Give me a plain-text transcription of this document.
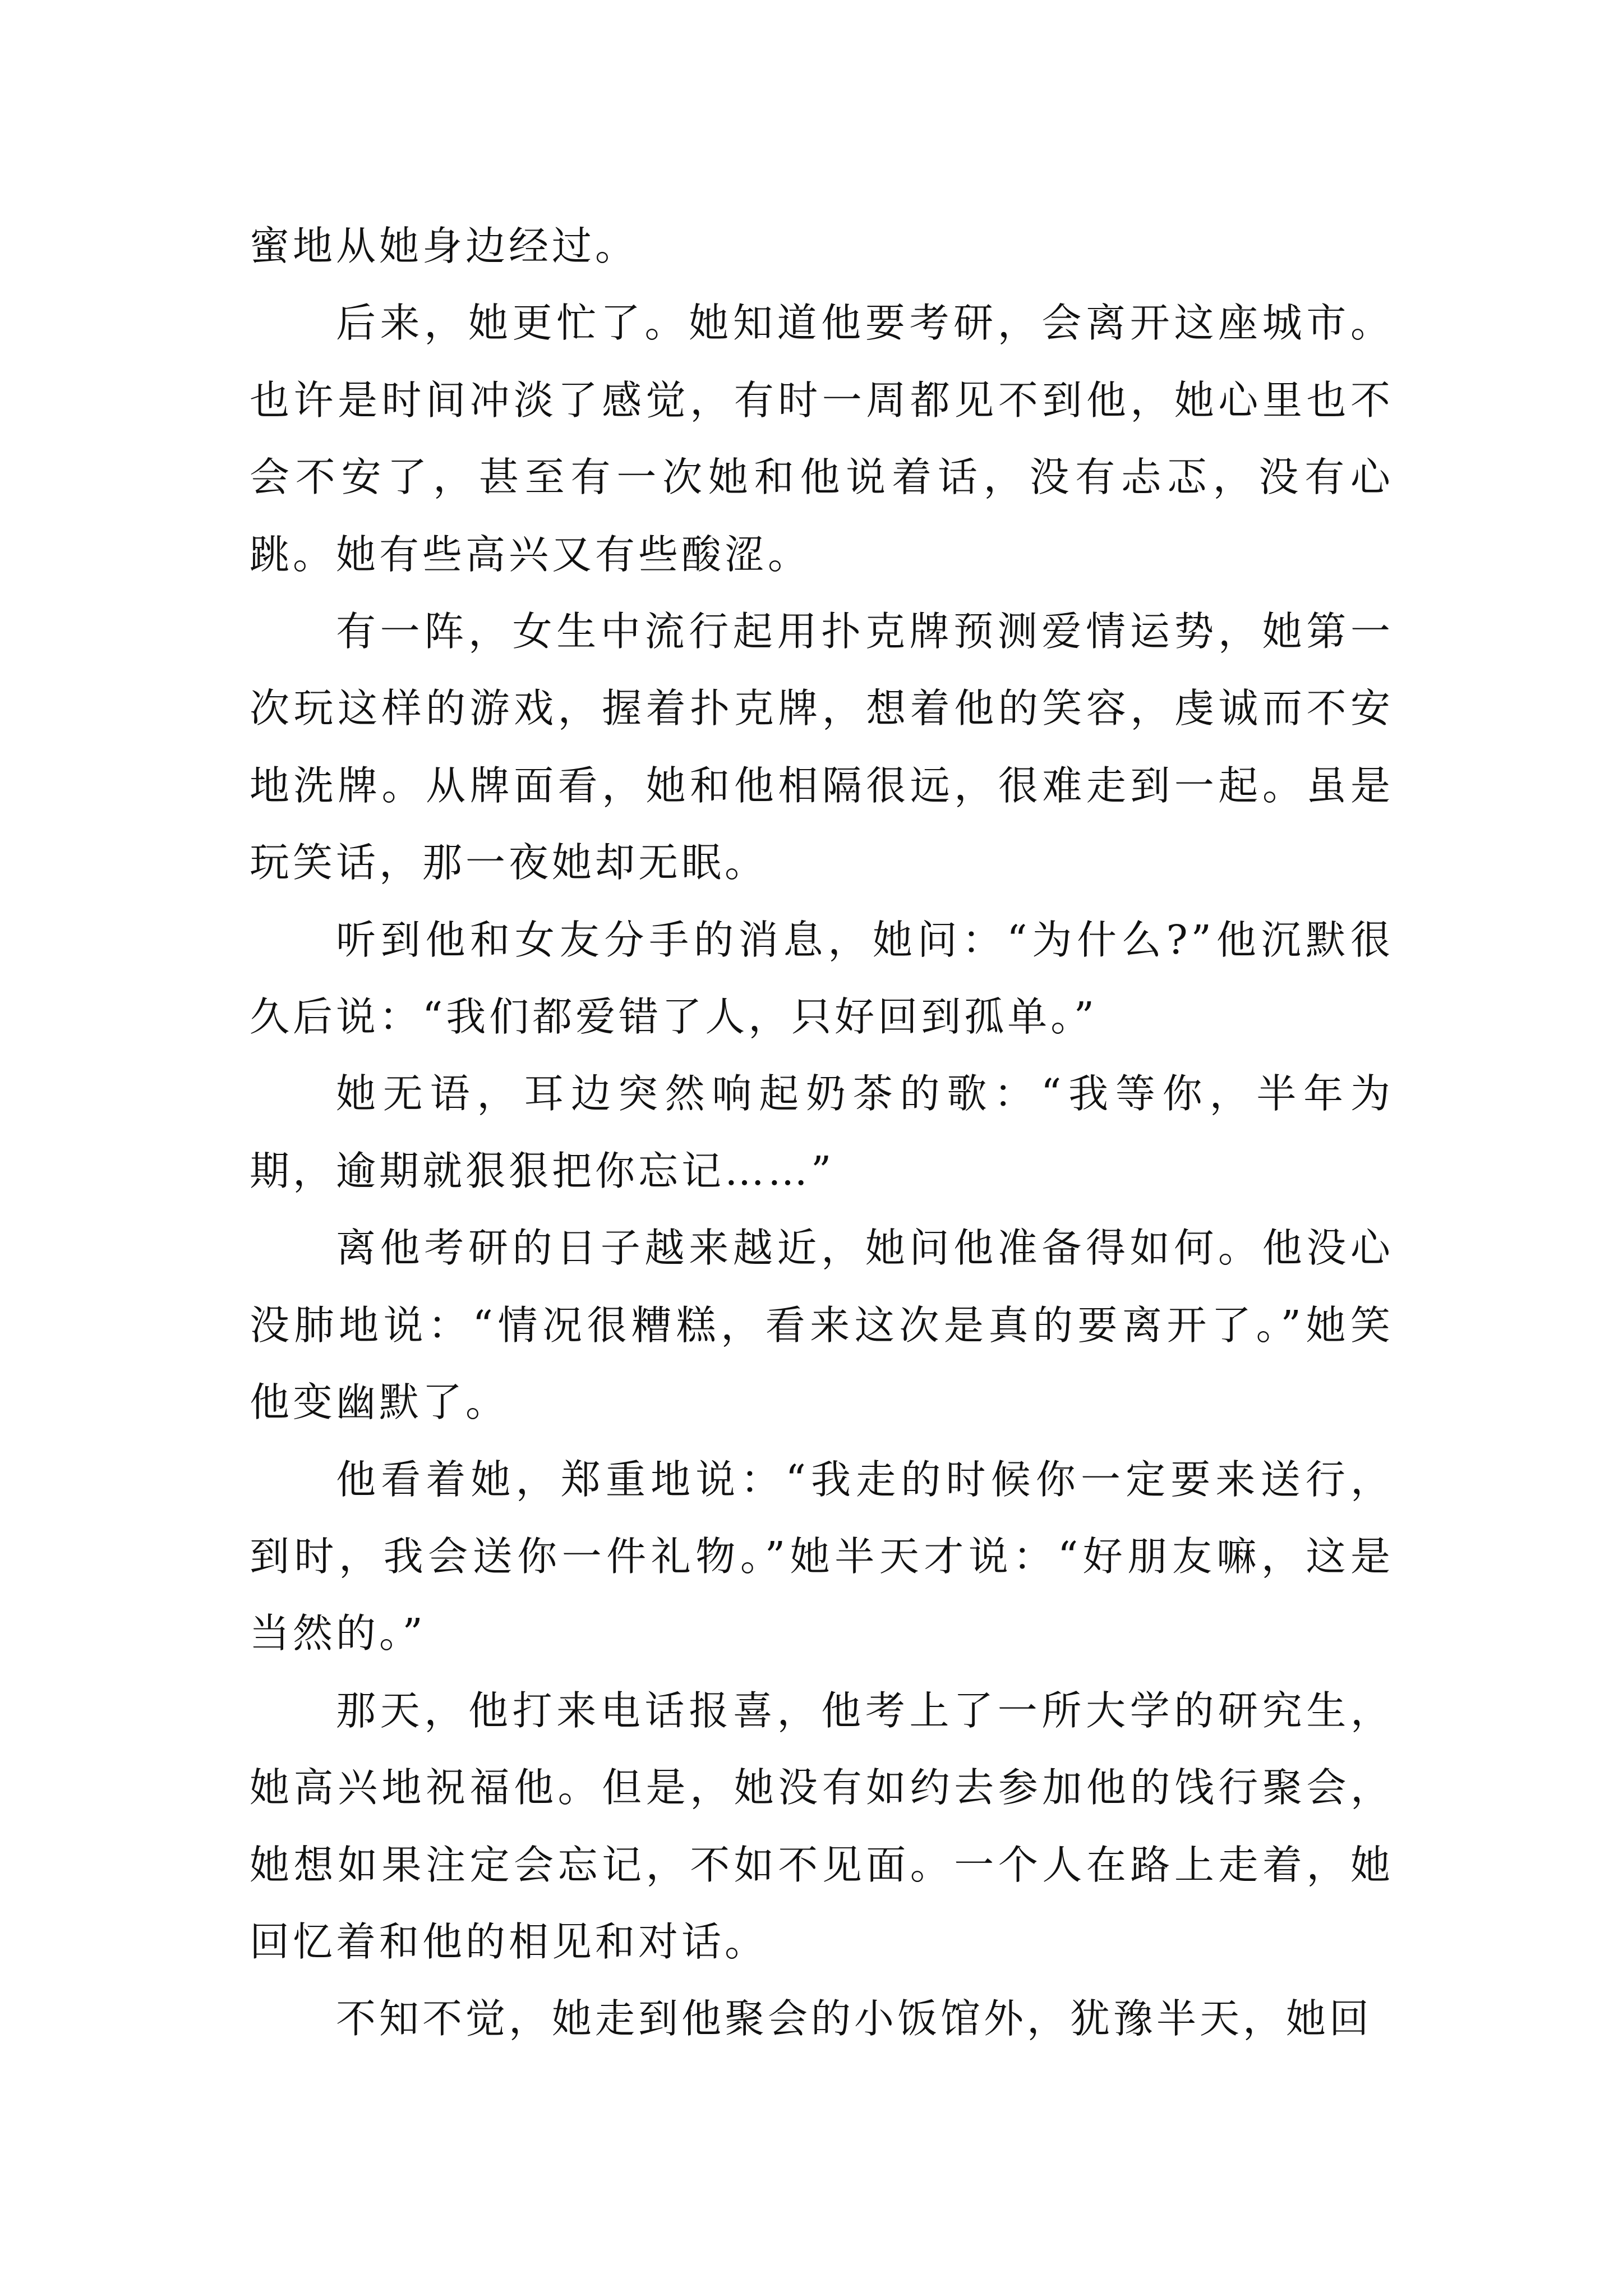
蜜地从她身边经过。

后来，她更忙了。她知道他要考研，会离开这座城市。也许是时间冲淡了感觉，有时一周都见不到他，她心里也不会不安了，甚至有一次她和他说着话，没有忐忑，没有心跳。她有些高兴又有些酸涩。

有一阵，女生中流行起用扑克牌预测爱情运势，她第一次玩这样的游戏，握着扑克牌，想着他的笑容，虔诚而不安地洗牌。从牌面看，她和他相隔很远，很难走到一起。虽是玩笑话，那一夜她却无眠。

听到他和女友分手的消息，她问：“为什么?”他沉默很久后说：“我们都爱错了人，只好回到孤单。”

她无语，耳边突然响起奶茶的歌：“我等你，半年为期，逾期就狠狠把你忘记……”

离他考研的日子越来越近，她问他准备得如何。他没心没肺地说：“情况很糟糕，看来这次是真的要离开了。”她笑他变幽默了。

他看着她，郑重地说：“我走的时候你一定要来送行，到时，我会送你一件礼物。”她半天才说：“好朋友嘛，这是当然的。”

那天，他打来电话报喜，他考上了一所大学的研究生，她高兴地祝福他。但是，她没有如约去参加他的饯行聚会，她想如果注定会忘记，不如不见面。一个人在路上走着，她回忆着和他的相见和对话。

不知不觉，她走到他聚会的小饭馆外，犹豫半天，她回
